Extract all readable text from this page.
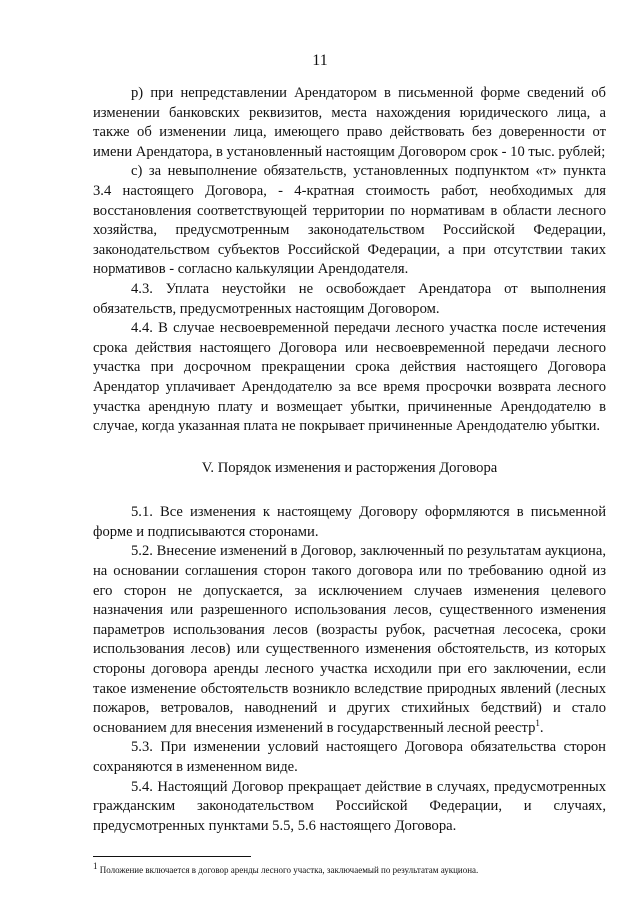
11

р) при непредставлении Арендатором в письменной форме сведений об изменении банковских реквизитов, места нахождения юридического лица, а также об изменении лица, имеющего право действовать без доверенности от имени Арендатора, в установленный настоящим Договором срок - 10 тыс. рублей;

с) за невыполнение обязательств, установленных подпунктом «т» пункта 3.4 настоящего Договора, - 4-кратная стоимость работ, необходимых для восстановления соответствующей территории по нормативам в области лесного хозяйства, предусмотренным законодательством Российской Федерации, законодательством субъектов Российской Федерации, а при отсутствии таких нормативов - согласно калькуляции Арендодателя.

4.3. Уплата неустойки не освобождает Арендатора от выполнения обязательств, предусмотренных настоящим Договором.

4.4. В случае несвоевременной передачи лесного участка после истечения срока действия настоящего Договора или несвоевременной передачи лесного участка при досрочном прекращении срока действия настоящего Договора Арендатор уплачивает Арендодателю за все время просрочки возврата лесного участка арендную плату и возмещает убытки, причиненные Арендодателю в случае, когда указанная плата не покрывает причиненные Арендодателю убытки.

V. Порядок изменения и расторжения Договора

5.1. Все изменения к настоящему Договору оформляются в письменной форме и подписываются сторонами.

5.2. Внесение изменений в Договор, заключенный по результатам аукциона, на основании соглашения сторон такого договора или по требованию одной из его сторон не допускается, за исключением случаев изменения целевого назначения или разрешенного использования лесов, существенного изменения параметров использования лесов (возрасты рубок, расчетная лесосека, сроки использования лесов) или существенного изменения обстоятельств, из которых стороны договора аренды лесного участка исходили при его заключении, если такое изменение обстоятельств возникло вследствие природных явлений (лесных пожаров, ветровалов, наводнений и других стихийных бедствий) и стало основанием для внесения изменений в государственный лесной реестр$^1$.

5.3. При изменении условий настоящего Договора обязательства сторон сохраняются в измененном виде.

5.4. Настоящий Договор прекращает действие в случаях, предусмотренных гражданским законодательством Российской Федерации, и случаях, предусмотренных пунктами 5.5, 5.6 настоящего Договора.

$^1$ Положение включается в договор аренды лесного участка, заключаемый по результатам аукциона.
